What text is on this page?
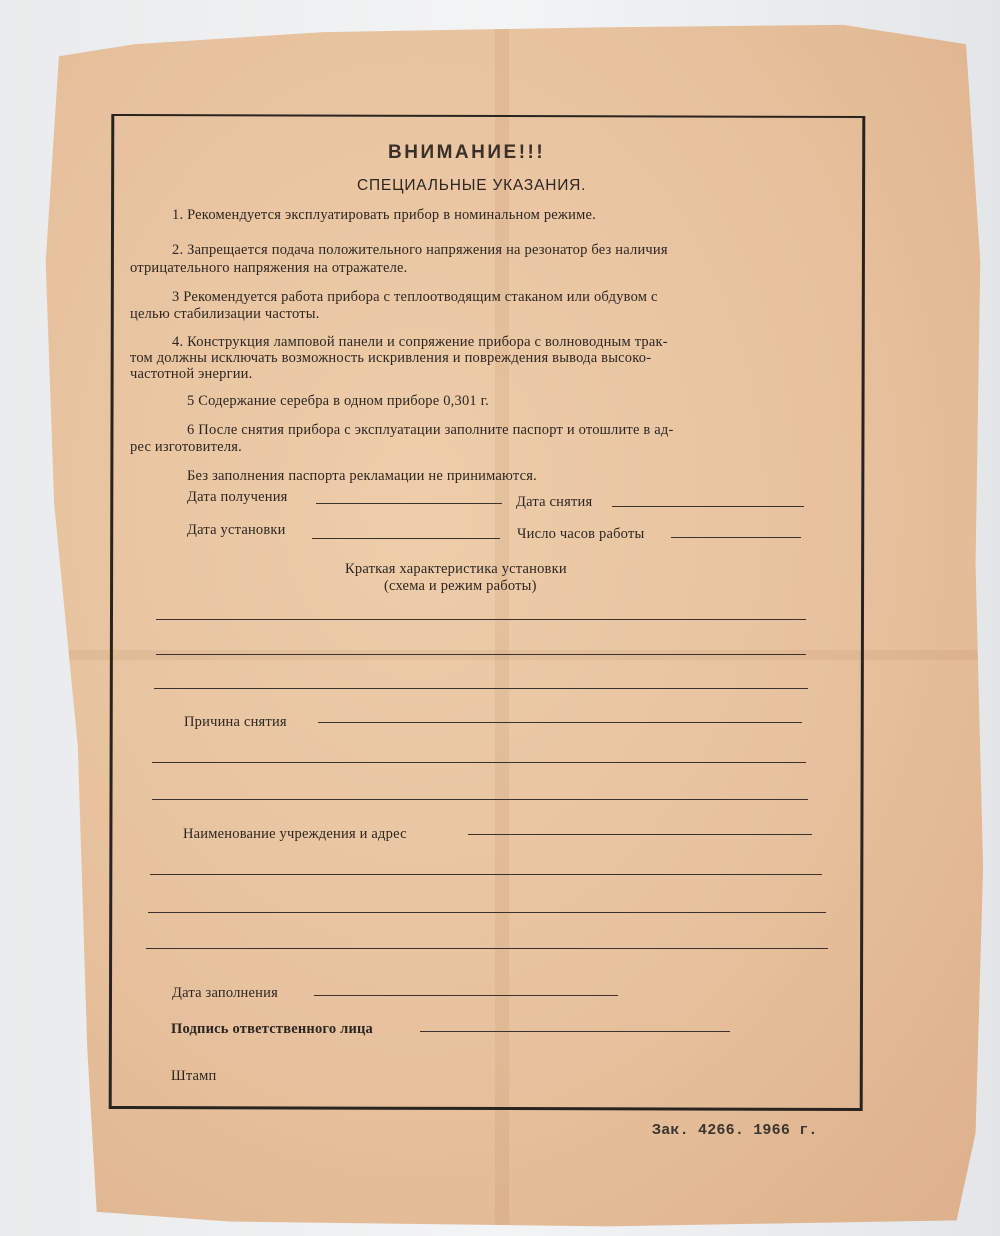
ВНИМАНИЕ!!!
СПЕЦИАЛЬНЫЕ УКАЗАНИЯ.
1. Рекомендуется эксплуатировать прибор в номинальном режиме.
2. Запрещается подача положительного напряжения на резонатор без наличия
отрицательного напряжения на отражателе.
3 Рекомендуется работа прибора с теплоотводящим стаканом или обдувом с
целью стабилизации частоты.
4. Конструкция ламповой панели и сопряжение прибора с волноводным трак-
том должны исключать возможность искривления и повреждения вывода высоко-
частотной энергии.
5 Содержание серебра в одном приборе 0,301 г.
6 После снятия прибора с эксплуатации заполните паспорт и отошлите в ад-
рес изготовителя.
Без заполнения паспорта рекламации не принимаются.
Дата получения	Дата снятия
Дата установки	Число часов работы
Краткая характеристика установки
(схема и режим работы)
Причина снятия
Наименование учреждения и адрес
Дата заполнения
Подпись ответственного лица
Штамп
Зак. 4266. 1966 г.
